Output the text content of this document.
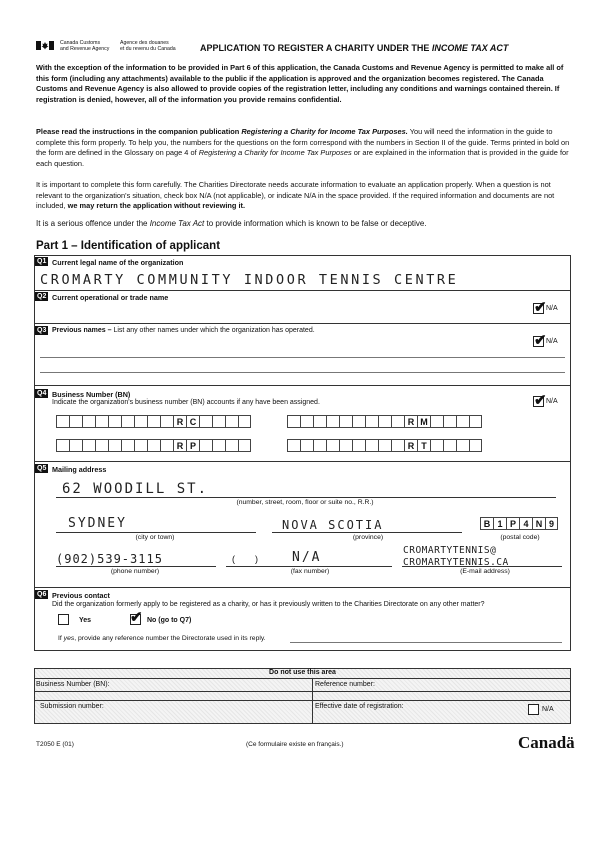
Canada Customs
and Revenue Agency
Agence des douanes
et du revenu du Canada	APPLICATION TO REGISTER A CHARITY UNDER THE INCOME TAX ACT
With the exception of the information to be provided in Part 6 of this application, the Canada Customs and Revenue Agency is permitted to make all of this form (including any attachments) available to the public if the application is approved and the organization becomes registered. The Canada Customs and Revenue Agency is also allowed to provide copies of the registration letter, including any conditions and warnings contained therein. If registration is denied, however, all of the information you provide remains confidential.
Please read the instructions in the companion publication Registering a Charity for Income Tax Purposes. You will need the information in the guide to complete this form properly. To help you, the numbers for the questions on the form correspond with the numbers in Section II of the guide. Terms printed in bold on the form are defined in the Glossary on page 4 of Registering a Charity for Income Tax Purposes or are explained in the information that is provided in the guide for each question.
It is important to complete this form carefully. The Charities Directorate needs accurate information to evaluate an application properly. When a question is not relevant to the organization's situation, check box N/A (not applicable), or indicate N/A in the space provided. If the required information and documents are not included, we may return the application without reviewing it.
It is a serious offence under the Income Tax Act to provide information which is known to be false or deceptive.
Part 1 – Identification of applicant
Q1 Current legal name of the organization
CROMARTY COMMUNITY INDOOR TENNIS CENTRE
Q2 Current operational or trade name
✔ N/A
Q3 Previous names – List any other names under which the organization has operated.
✔ N/A
Q4 Business Number (BN)
Indicate the organization's business number (BN) accounts if any have been assigned.	✔ N/A
R C	R M
R P	R T
Q5 Mailing address
62 WOODILL ST.
(number, street, room, floor or suite no., R.R.)
SYDNEY
(city or town)
NOVA SCOTIA
(province)
B 1 P 4 N 9
(postal code)
(902)539-3115
(phone number)
(        )	N/A
(fax number)
CROMARTYTENNIS@
CROMARTYTENNIS.CA
(E-mail address)
Q6 Previous contact
Did the organization formerly apply to be registered as a charity, or has it previously written to the Charities Directorate on any other matter?
Yes	✔ No (go to Q7)
If yes, provide any reference number the Directorate used in its reply.
Do not use this area
Business Number (BN):	Reference number:
Submission number:	Effective date of registration:	N/A
T2050 E (01)	(Ce formulaire existe en français.)	Canadä
